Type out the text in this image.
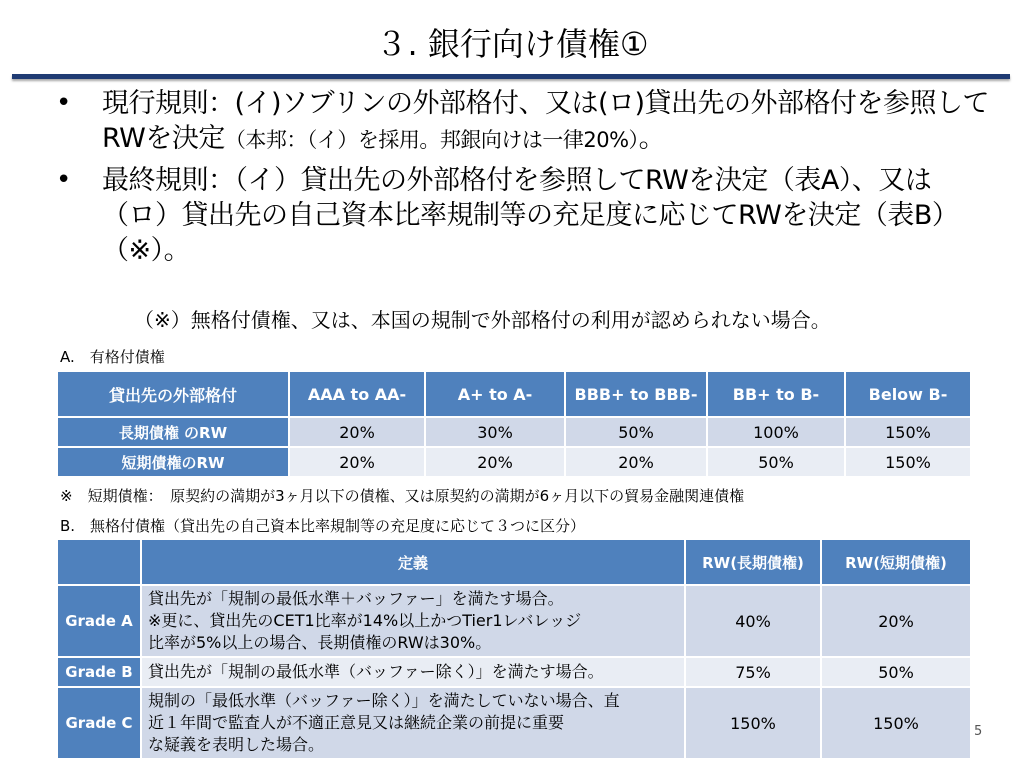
３. 銀行向け債権①
• 現行規則：(イ)ソブリンの外部格付、又は(ロ)貸出先の外部格付を参照してRWを決定（本邦：（イ）を採用。邦銀向けは一律20%）。
• 最終規則：（イ）貸出先の外部格付を参照してRWを決定（表A）、又は（ロ）貸出先の自己資本比率規制等の充足度に応じてRWを決定（表B）（※）。
（※）無格付債権、又は、本国の規制で外部格付の利用が認められない場合。
A.　有格付債権
貸出先の外部格付	AAA to AA-	A+ to A-	BBB+ to BBB-	BB+ to B-	Below B-
長期債権 のRW	20%	30%	50%	100%	150%
短期債権のRW	20%	20%	20%	50%	150%
※　短期債権：　原契約の満期が3ヶ月以下の債権、又は原契約の満期が6ヶ月以下の貿易金融関連債権
B.　無格付債権（貸出先の自己資本比率規制等の充足度に応じて３つに区分）
	定義	RW(長期債権)	RW(短期債権)
Grade A	貸出先が「規制の最低水準＋バッファー」を満たす場合。
※更に、貸出先のCET1比率が14%以上かつTier1レバレッジ
比率が5%以上の場合、長期債権のRWは30%。	40%	20%
Grade B	貸出先が「規制の最低水準（バッファー除く）」を満たす場合。	75%	50%
Grade C	規制の「最低水準（バッファー除く）」を満たしていない場合、直
近１年間で監査人が不適正意見又は継続企業の前提に重要
な疑義を表明した場合。	150%	150%	5
